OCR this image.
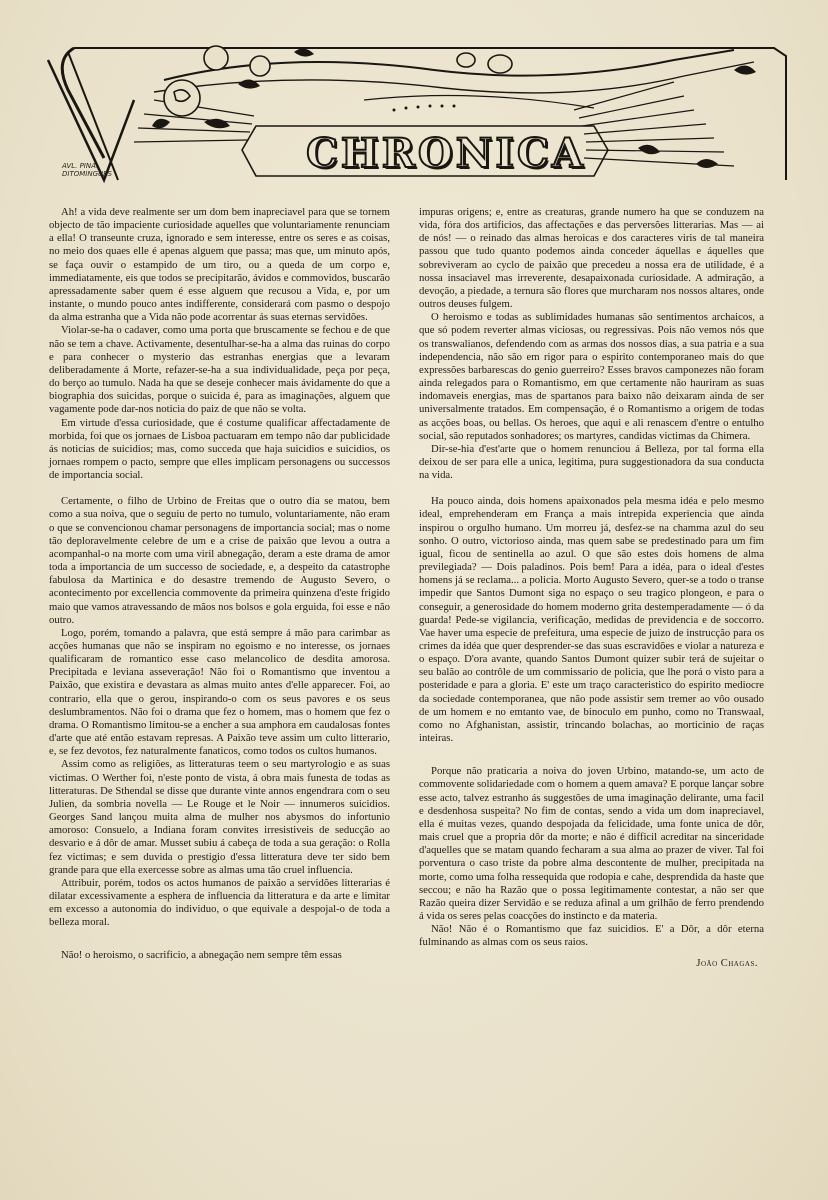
CHRONICA
AVL. PINA. DITOMINGUES

Ah! a vida deve realmente ser um dom bem inapreciavel para que se tornem objecto de tão impaciente curiosidade aquelles que voluntariamente renunciam a ella! O transeunte cruza, ignorado e sem interesse, entre os seres e as coisas, no meio dos quaes elle é apenas alguem que passa; mas que, um minuto após, se faça ouvir o estampido de um tiro, ou a queda de um corpo e, immediatamente, eis que todos se precipitarão, ávidos e commovidos, buscarão apressadamente saber quem é esse alguem que recusou a Vida, e, por um instante, o mundo pouco antes indifferente, considerará com pasmo o despojo da alma estranha que a Vida não pode acorrentar ás suas eternas servidões.

Violar-se-ha o cadaver, como uma porta que bruscamente se fechou e de que não se tem a chave. Activamente, desentulhar-se-ha a alma das ruinas do corpo e para conhecer o mysterio das estranhas energias que a levaram deliberadamente á Morte, refazer-se-ha a sua individualidade, peça por peça, do berço ao tumulo. Nada ha que se deseje conhecer mais ávidamente do que a biographia dos suicidas, porque o suicida é, para as imaginações, alguem que vagamente pode dar-nos noticia do paiz de que não se volta.

Em virtude d'essa curiosidade, que é costume qualificar affectadamente de morbida, foi que os jornaes de Lisboa pactuaram em tempo não dar publicidade ás noticias de suicidios; mas, como succeda que haja suicidios e suicidios, os jornaes rompem o pacto, sempre que elles implicam personagens ou successos de importancia social.

Certamente, o filho de Urbino de Freitas que o outro dia se matou, bem como a sua noiva, que o seguiu de perto no tumulo, voluntariamente, não eram o que se convencionou chamar personagens de importancia social; mas o nome tão deploravelmente celebre de um e a crise de paixão que levou a outra a acompanhal-o na morte com uma viril abnegação, deram a este drama de amor toda a importancia de um successo de sociedade, e, a despeito da catastrophe fabulosa da Martinica e do desastre tremendo de Augusto Severo, o acontecimento por excellencia commovente da primeira quinzena d'este frigido maio que vamos atravessando de mãos nos bolsos e gola erguida, foi esse e não outro.

Logo, porém, tomando a palavra, que está sempre á mão para carimbar as acções humanas que não se inspiram no egoismo e no interesse, os jornaes qualificaram de romantico esse caso melancolico de desdita amorosa. Precipitada e leviana asseveração! Não foi o Romantismo que inventou a Paixão, que existira e devastara as almas muito antes d'elle apparecer. Foi, ao contrario, ella que o gerou, inspirando-o com os seus pavores e os seus deslumbramentos. Não foi o drama que fez o homem, mas o homem que fez o drama. O Romantismo limitou-se a encher a sua amphora em caudalosas fontes d'arte que até então estavam represas. A Paixão teve assim um culto litterario, e, se fez devotos, fez naturalmente fanaticos, como todos os cultos humanos.

Assim como as religiões, as litteraturas teem o seu martyrologio e as suas victimas. O Werther foi, n'este ponto de vista, á obra mais funesta de todas as litteraturas. De Sthendal se disse que durante vinte annos engendrara com o seu Julien, da sombria novella — Le Rouge et le Noir — innumeros suicidios. Georges Sand lançou muita alma de mulher nos abysmos do infortunio amoroso: Consuelo, a Indiana foram convites irresistiveis de seducção ao desvario e á dôr de amar. Musset subiu á cabeça de toda a sua geração: o Rolla fez victimas; e sem duvida o prestigio d'essa litteratura deve ter sido bem grande para que ella exercesse sobre as almas uma tão cruel influencia.

Attribuir, porém, todos os actos humanos de paixão a servidões litterarias é dilatar excessivamente a esphera de influencia da litteratura e da arte e limitar em excesso a autonomia do individuo, o que equivale a despojal-o de toda a belleza moral.

Não! o heroismo, o sacrificio, a abnegação nem sempre têm essas

impuras origens; e, entre as creaturas, grande numero ha que se conduzem na vida, fóra dos artificios, das affectações e das perversões litterarias. Mas — ai de nós! — o reinado das almas heroicas e dos caracteres viris de tal maneira passou que tudo quanto podemos ainda conceder áquellas e áquelles que sobreviveram ao cyclo de paixão que precedeu a nossa era de utilidade, é a nossa insaciavel mas irreverente, desapaixonada curiosidade. A admiração, a devoção, a piedade, a ternura são flores que murcharam nos nossos altares, onde outros deuses fulgem.

O heroismo e todas as sublimidades humanas são sentimentos archaicos, a que só podem reverter almas viciosas, ou regressivas. Pois não vemos nós que os transwalianos, defendendo com as armas dos nossos dias, a sua patria e a sua independencia, não são em rigor para o espirito contemporaneo mais do que expressões barbarescas do genio guerreiro? Esses bravos camponezes não foram ainda relegados para o Romantismo, em que certamente não hauriram as suas indomaveis energias, mas de spartanos para baixo não deixaram ainda de ser universalmente tratados. Em compensação, é o Romantismo a origem de todas as acções boas, ou bellas. Os heroes, que aqui e ali renascem d'entre o entulho social, são reputados sonhadores; os martyres, candidas victimas da Chimera.

Dir-se-hia d'est'arte que o homem renunciou á Belleza, por tal forma ella deixou de ser para elle a unica, legitima, pura suggestionadora da sua conducta na vida.

Ha pouco ainda, dois homens apaixonados pela mesma idéa e pelo mesmo ideal, emprehenderam em França a mais intrepida experiencia que ainda inspirou o orgulho humano. Um morreu já, desfez-se na chamma azul do seu sonho. O outro, victorioso ainda, mas quem sabe se predestinado para um fim igual, ficou de sentinella ao azul. O que são estes dois homens de alma previlegiada? — Dois paladinos. Pois bem! Para a idéa, para o ideal d'estes homens já se reclama... a policia. Morto Augusto Severo, quer-se a todo o transe impedir que Santos Dumont siga no espaço o seu tragico plongeon, e para o conseguir, a generosidade do homem moderno grita destemperadamente — ó da guarda! Pede-se vigilancia, verificação, medidas de previdencia e de soccorro. Vae haver uma especie de prefeitura, uma especie de juizo de instrucção para os crimes da idéa que quer desprender-se das suas escravidões e violar a natureza e o espaço. D'ora avante, quando Santos Dumont quizer subir terá de sujeitar o seu balão ao contrôle de um commissario de policia, que lhe porá o visto para a posteridade e para a gloria. E' este um traço caracteristico do espirito mediocre da sociedade contemporanea, que não pode assistir sem tremer ao vôo ousado de um homem e no emtanto vae, de binoculo em punho, como no Transwaal, como no Afghanistan, assistir, trincando bolachas, ao morticinio de raças inteiras.

Porque não praticaria a noiva do joven Urbino, matando-se, um acto de commovente solidariedade com o homem a quem amava? E porque lançar sobre esse acto, talvez estranho ás suggestões de uma imaginação delirante, uma facil e desdenhosa suspeita? No fim de contas, sendo a vida um dom inapreciavel, ella é muitas vezes, quando despojada da felicidade, uma fonte unica de dôr, mais cruel que a propria dôr da morte; e não é difficil acreditar na sinceridade d'aquelles que se matam quando fecharam a sua alma ao prazer de viver. Tal foi porventura o caso triste da pobre alma descontente de mulher, precipitada na morte, como uma folha ressequida que rodopia e cahe, desprendida da haste que seccou; e não ha Razão que o possa legitimamente contestar, a não ser que Razão queira dizer Servidão e se reduza afinal a um grilhão de ferro prendendo á vida os seres pelas coacções do instincto e da materia.

Não! Não é o Romantismo que faz suicidios. E' a Dôr, a dôr eterna fulminando as almas com os seus raios.

João Chagas.
